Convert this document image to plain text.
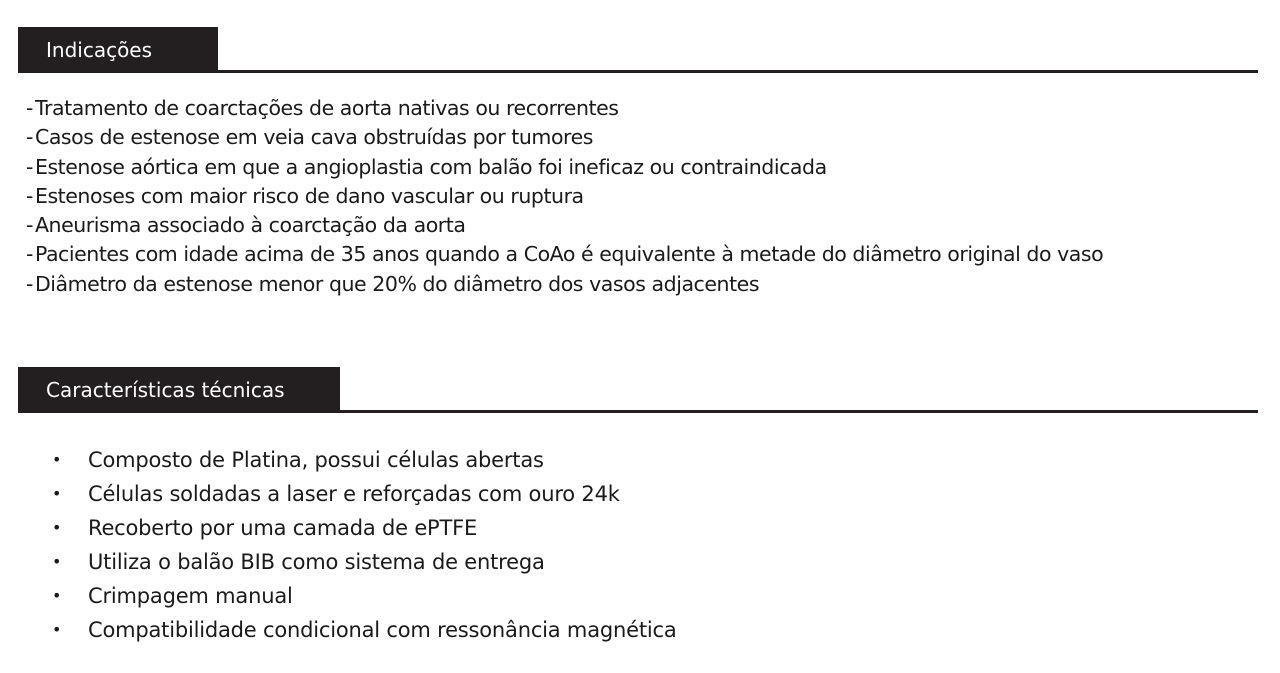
Indicações
-Tratamento de coarctações de aorta nativas ou recorrentes
-Casos de estenose em veia cava obstruídas por tumores
-Estenose aórtica em que a angioplastia com balão foi ineficaz ou contraindicada
-Estenoses com maior risco de dano vascular ou ruptura
-Aneurisma associado à coarctação da aorta
-Pacientes com idade acima de 35 anos quando a CoAo é equivalente à metade do diâmetro original do vaso
-Diâmetro da estenose menor que 20% do diâmetro dos vasos adjacentes
Características técnicas
• Composto de Platina, possui células abertas
• Células soldadas a laser e reforçadas com ouro 24k
• Recoberto por uma camada de ePTFE
• Utiliza o balão BIB como sistema de entrega
• Crimpagem manual
• Compatibilidade condicional com ressonância magnética
